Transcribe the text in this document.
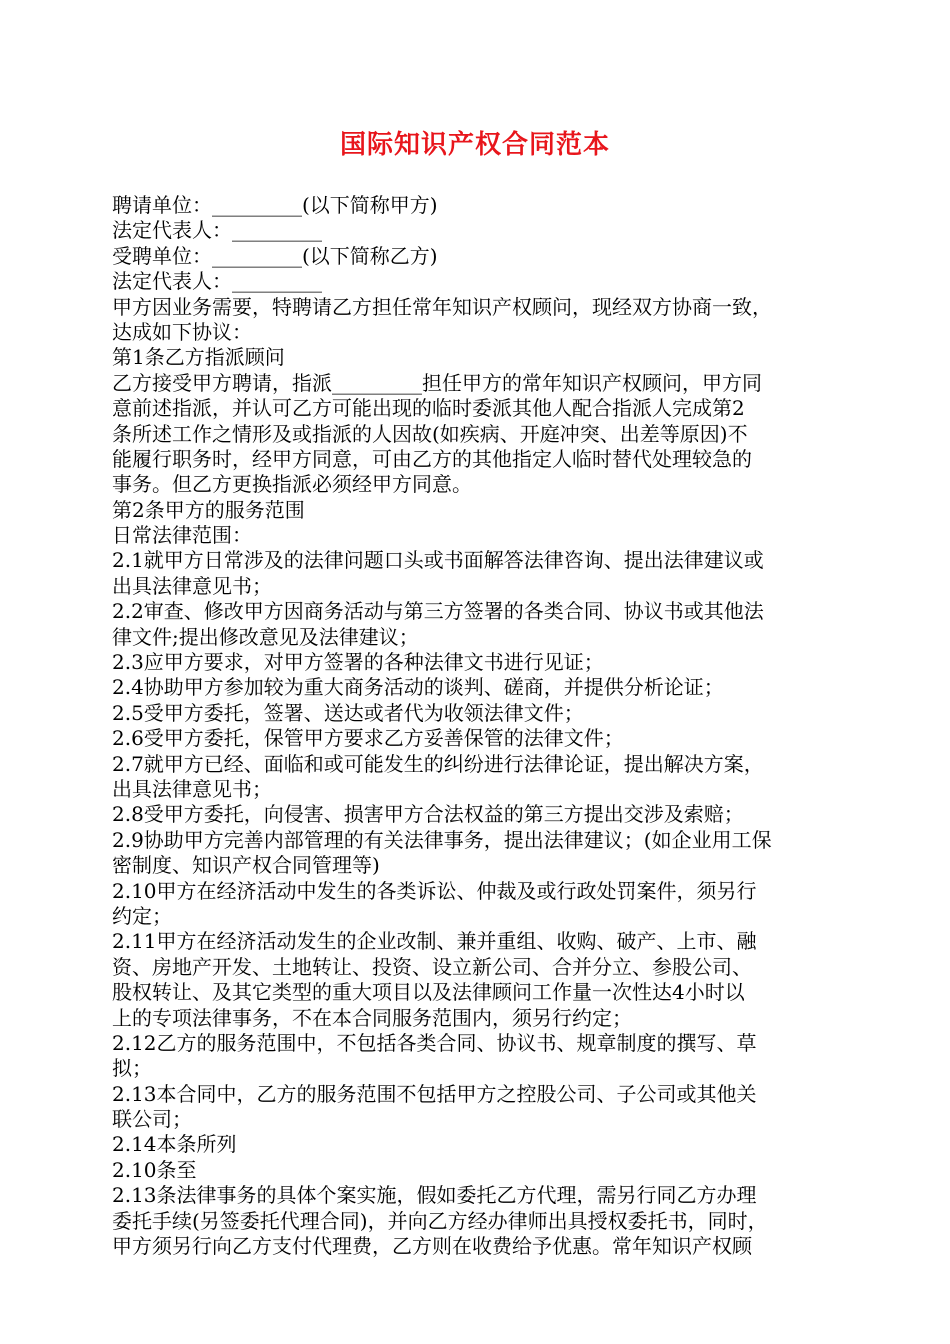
国际知识产权合同范本
聘请单位：_________(以下简称甲方)
法定代表人：_________
受聘单位：_________(以下简称乙方)
法定代表人：_________
甲方因业务需要，特聘请乙方担任常年知识产权顾问，现经双方协商一致，
达成如下协议：
第1条乙方指派顾问
乙方接受甲方聘请，指派_________担任甲方的常年知识产权顾问，甲方同
意前述指派，并认可乙方可能出现的临时委派其他人配合指派人完成第2
条所述工作之情形及或指派的人因故(如疾病、开庭冲突、出差等原因)不
能履行职务时，经甲方同意，可由乙方的其他指定人临时替代处理较急的
事务。但乙方更换指派必须经甲方同意。
第2条甲方的服务范围
日常法律范围：
2.1就甲方日常涉及的法律问题口头或书面解答法律咨询、提出法律建议或
出具法律意见书；
2.2审查、修改甲方因商务活动与第三方签署的各类合同、协议书或其他法
律文件;提出修改意见及法律建议；
2.3应甲方要求，对甲方签署的各种法律文书进行见证；
2.4协助甲方参加较为重大商务活动的谈判、磋商，并提供分析论证；
2.5受甲方委托，签署、送达或者代为收领法律文件；
2.6受甲方委托，保管甲方要求乙方妥善保管的法律文件；
2.7就甲方已经、面临和或可能发生的纠纷进行法律论证，提出解决方案，
出具法律意见书；
2.8受甲方委托，向侵害、损害甲方合法权益的第三方提出交涉及索赔；
2.9协助甲方完善内部管理的有关法律事务，提出法律建议；(如企业用工保
密制度、知识产权合同管理等)
2.10甲方在经济活动中发生的各类诉讼、仲裁及或行政处罚案件，须另行
约定；
2.11甲方在经济活动发生的企业改制、兼并重组、收购、破产、上市、融
资、房地产开发、土地转让、投资、设立新公司、合并分立、参股公司、
股权转让、及其它类型的重大项目以及法律顾问工作量一次性达4小时以
上的专项法律事务，不在本合同服务范围内，须另行约定；
2.12乙方的服务范围中，不包括各类合同、协议书、规章制度的撰写、草
拟；
2.13本合同中，乙方的服务范围不包括甲方之控股公司、子公司或其他关
联公司；
2.14本条所列
2.10条至
2.13条法律事务的具体个案实施，假如委托乙方代理，需另行同乙方办理
委托手续(另签委托代理合同)，并向乙方经办律师出具授权委托书，同时，
甲方须另行向乙方支付代理费，乙方则在收费给予优惠。常年知识产权顾
